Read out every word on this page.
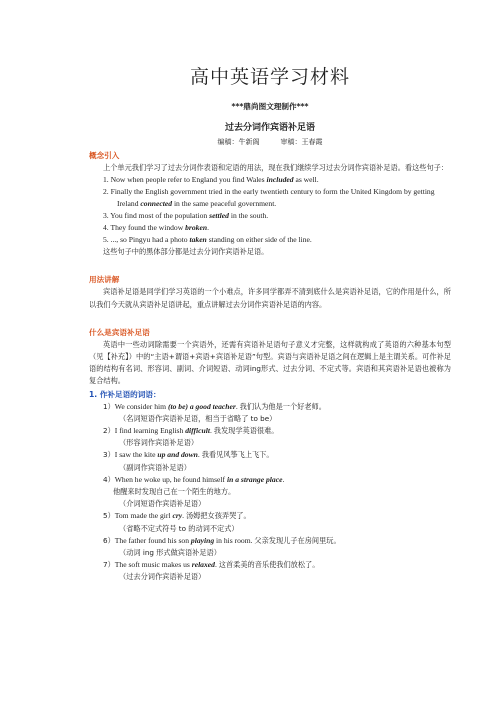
高中英语学习材料
***鼎尚图文理制作***
过去分词作宾语补足语
编稿：牛新阁　　　审稿：王春霞
概念引入

上个单元我们学习了过去分词作表语和定语的用法，现在我们继续学习过去分词作宾语补足语。看这些句子：

1. Now when people refer to England you find Wales included as well.

2. Finally the English government tried in the early twentieth century to form the United Kingdom by getting Ireland connected in the same peaceful government.

3. You find most of the population settled in the south.

4. They found the window broken.

5. ..., so Pingyu had a photo taken standing on either side of the line.

这些句子中的黑体部分都是过去分词作宾语补足语。

用法讲解

宾语补足语是同学们学习英语的一个小难点，许多同学都弄不清到底什么是宾语补足语，它的作用是什么，所以我们今天就从宾语补足语讲起，重点讲解过去分词作宾语补足语的内容。

什么是宾语补足语

英语中一些动词除需要一个宾语外，还需有宾语补足语句子意义才完整，这样就构成了英语的六种基本句型（见【补充】）中的“主语+谓语+宾语+宾语补足语”句型。宾语与宾语补足语之间在逻辑上是主谓关系。可作补足语的结构有名词、形容词、副词、介词短语、动词ing形式、过去分词、不定式等。宾语和其宾语补足语也被称为复合结构。

1. 作补足语的词语：

1）We consider him (to be) a good teacher. 我们认为他是一个好老师。

（名词短语作宾语补足语，相当于省略了 to be）

2）I find learning English difficult. 我发现学英语很难。

（形容词作宾语补足语）

3）I saw the kite up and down. 我看见风筝飞上飞下。

（副词作宾语补足语）

4）When he woke up, he found himself in a strange place.

他醒来时发现自己在一个陌生的地方。

（介词短语作宾语补足语）

5）Tom made the girl cry. 汤姆把女孩弄哭了。

（省略不定式符号 to 的动词不定式）

6）The father found his son playing in his room. 父亲发现儿子在房间里玩。

（动词 ing 形式做宾语补足语）

7）The soft music makes us relaxed. 这首柔美的音乐使我们放松了。

（过去分词作宾语补足语）
